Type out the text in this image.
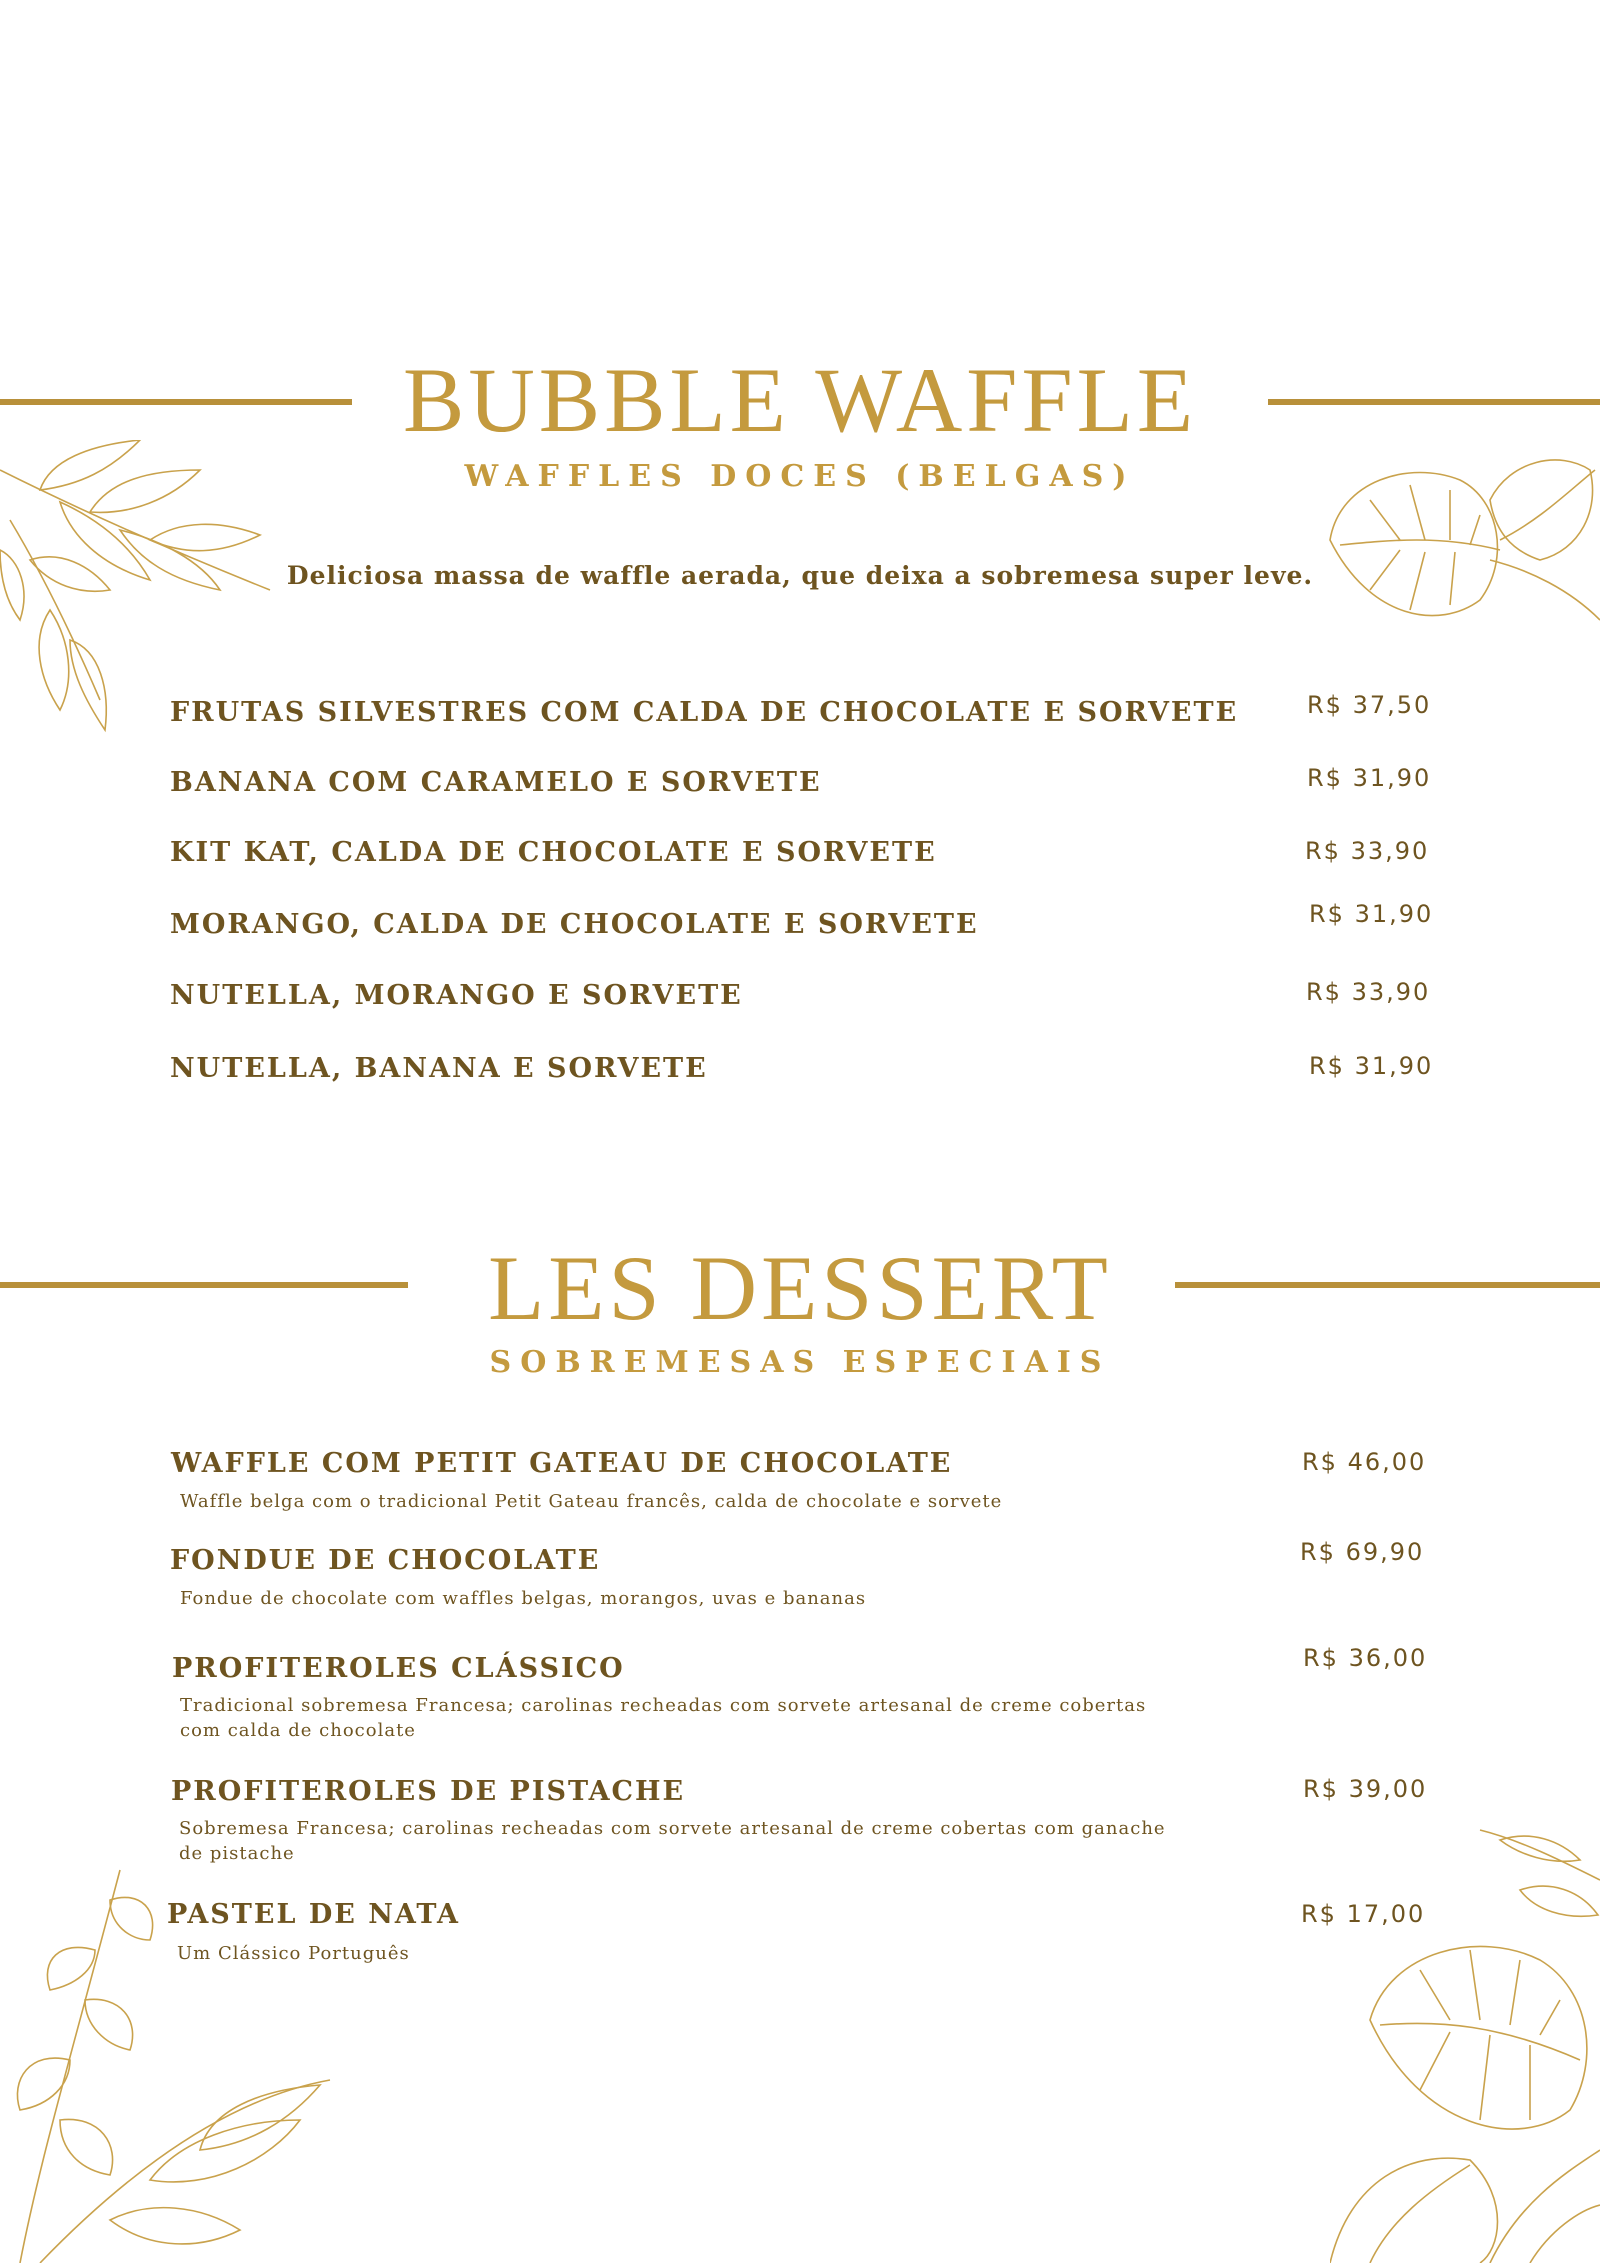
BUBBLE WAFFLE
WAFFLES DOCES (BELGAS)
Deliciosa massa de waffle aerada, que deixa a sobremesa super leve.
FRUTAS SILVESTRES COM CALDA DE CHOCOLATE E SORVETE	R$ 37,50
BANANA COM CARAMELO E SORVETE	R$ 31,90
KIT KAT, CALDA DE CHOCOLATE E SORVETE	R$ 33,90
MORANGO, CALDA DE CHOCOLATE E SORVETE	R$ 31,90
NUTELLA, MORANGO E SORVETE	R$ 33,90
NUTELLA, BANANA E SORVETE	R$ 31,90
LES DESSERT
SOBREMESAS ESPECIAIS
WAFFLE COM PETIT GATEAU DE CHOCOLATE	R$ 46,00
Waffle belga com o tradicional Petit Gateau francês, calda de chocolate e sorvete
FONDUE DE CHOCOLATE	R$ 69,90
Fondue de chocolate com waffles belgas, morangos, uvas e bananas
PROFITEROLES CLÁSSICO	R$ 36,00
Tradicional sobremesa Francesa; carolinas recheadas com sorvete artesanal de creme cobertas com calda de chocolate
PROFITEROLES DE PISTACHE	R$ 39,00
Sobremesa Francesa; carolinas recheadas com sorvete artesanal de creme cobertas com ganache de pistache
PASTEL DE NATA	R$ 17,00
Um Clássico Português
